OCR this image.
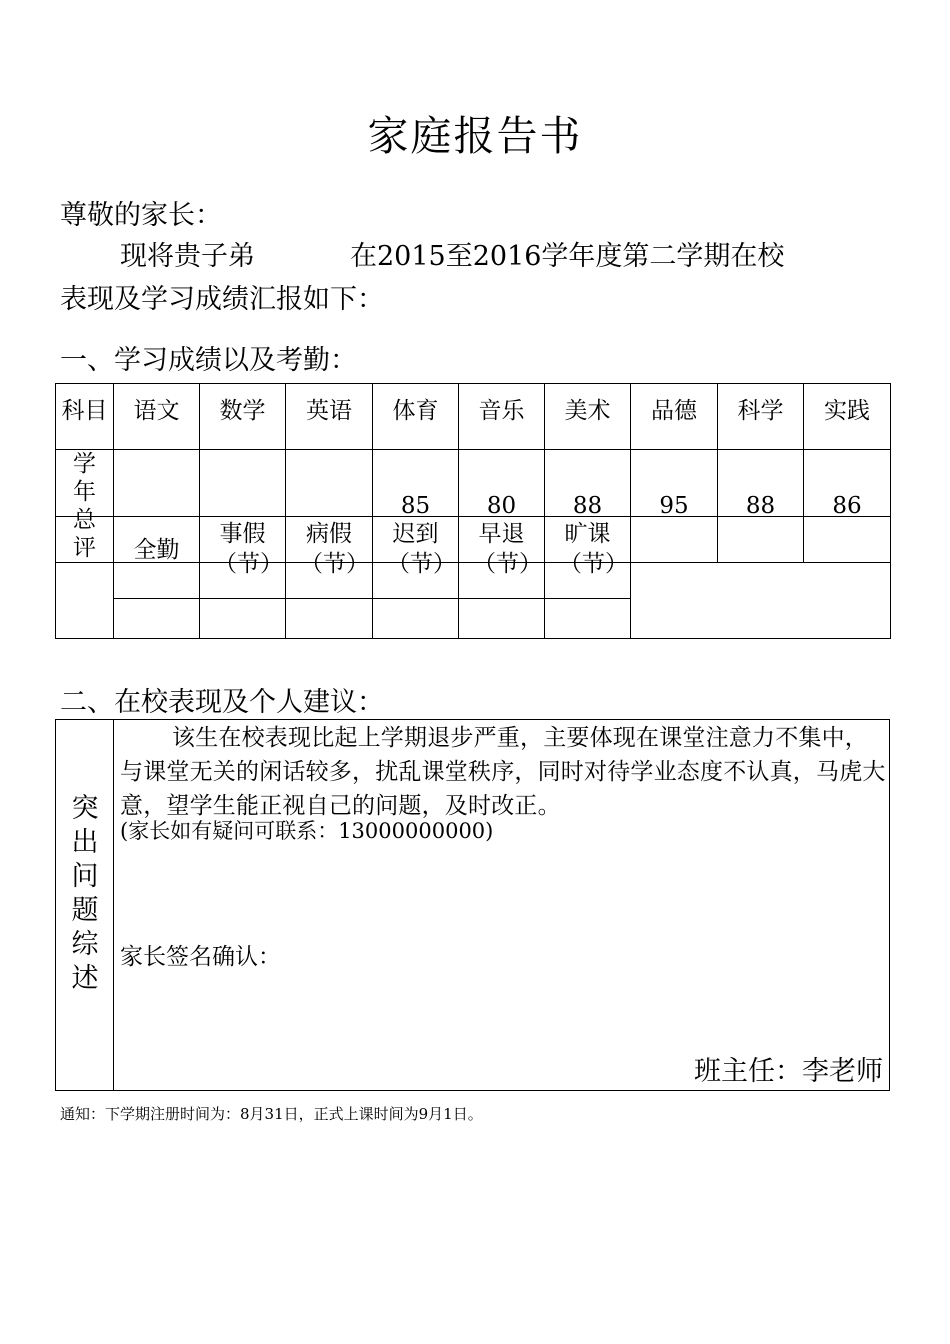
家庭报告书
尊敬的家长：
现将贵子弟	在2015至2016学年度第二学期在校
表现及学习成绩汇报如下：
一、学习成绩以及考勤：
科目	语文	数学	英语	体育	音乐	美术	品德	科学	实践
学年总评				85	80	88	95	88	86
	全勤	事假（节）	病假（节）	迟到（节）	早退（节）	旷课（节）	

二、在校表现及个人建议：
突出问题综述
该生在校表现比起上学期退步严重，主要体现在课堂注意力不集中，与课堂无关的闲话较多，扰乱课堂秩序，同时对待学业态度不认真，马虎大意，望学生能正视自己的问题，及时改正。
(家长如有疑问可联系：13000000000)
家长签名确认：
班主任：李老师
通知：下学期注册时间为：8月31日，正式上课时间为9月1日。
